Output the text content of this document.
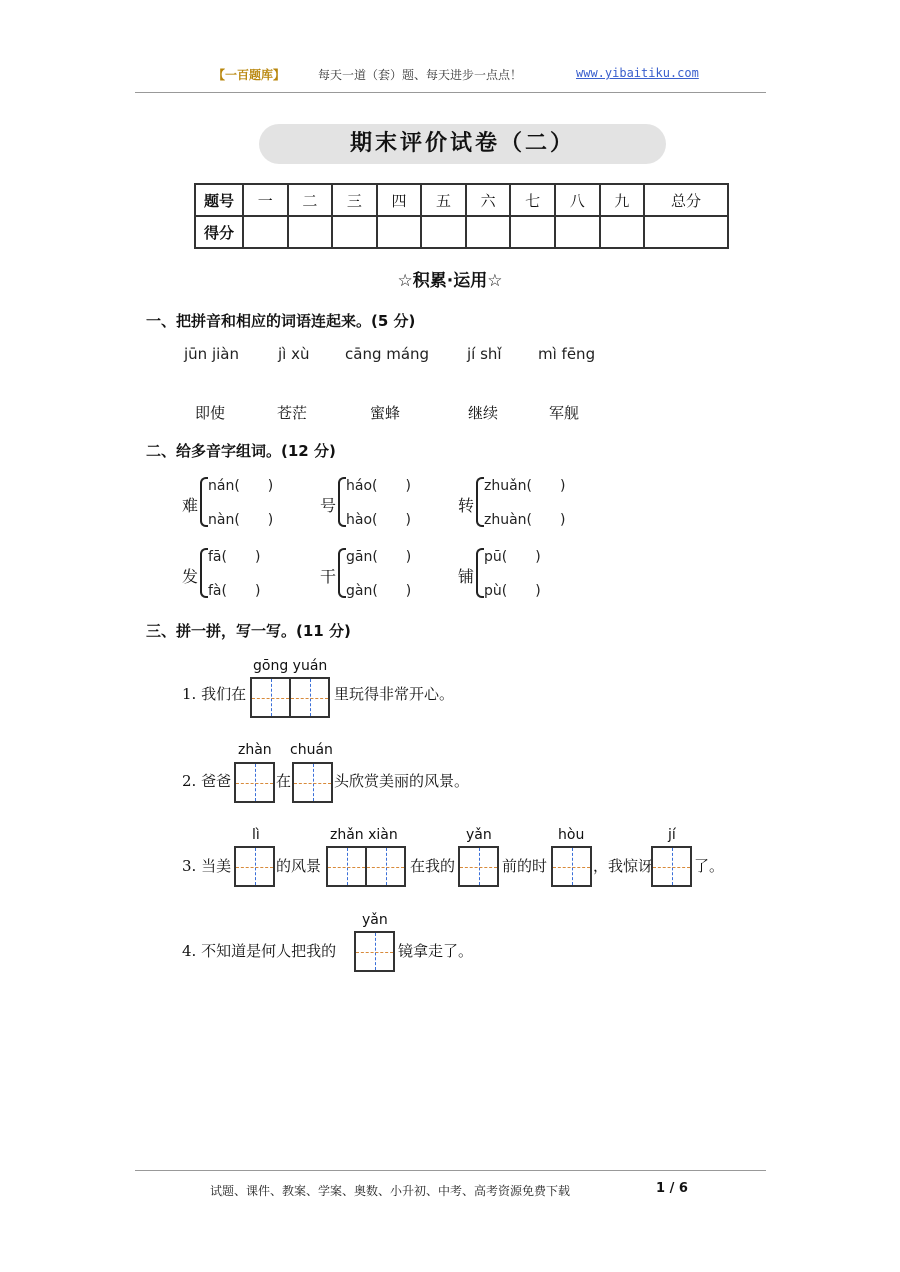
【一百题库】	每天一道（套）题、每天进步一点点！	www.yibaitiku.com
期末评价试卷（二）
题号	一	二	三	四	五	六	七	八	九	总分
得分										
☆积累·运用☆
一、把拼音和相应的词语连起来。(5 分)
jūn jiàn	jì xù cāng máng	jí shǐ mì fēng
即使	苍茫	蜜蜂	继续	军舰
二、给多音字组词。(12 分)
难
nán(　　)
nàn(　　)
号
háo(　　)
hào(　　)
转
zhuǎn(　　)
zhuàn(　　)
发
fā(　　)
fà(　　)
干
gān(　　)
gàn(　　)
铺
pū(　　)
pù(　　)
三、拼一拼，写一写。(11 分)
1. 我们在
gōng yuán
里玩得非常开心。
2. 爸爸
zhàn
在
chuán
头欣赏美丽的风景。
3. 当美
lì
的风景
zhǎn xiàn
在我的
yǎn
前的时
hòu
，我惊讶
jí
了。
4. 不知道是何人把我的
yǎn
镜拿走了。
试题、课件、教案、学案、奥数、小升初、中考、高考资源免费下载	1 / 6
